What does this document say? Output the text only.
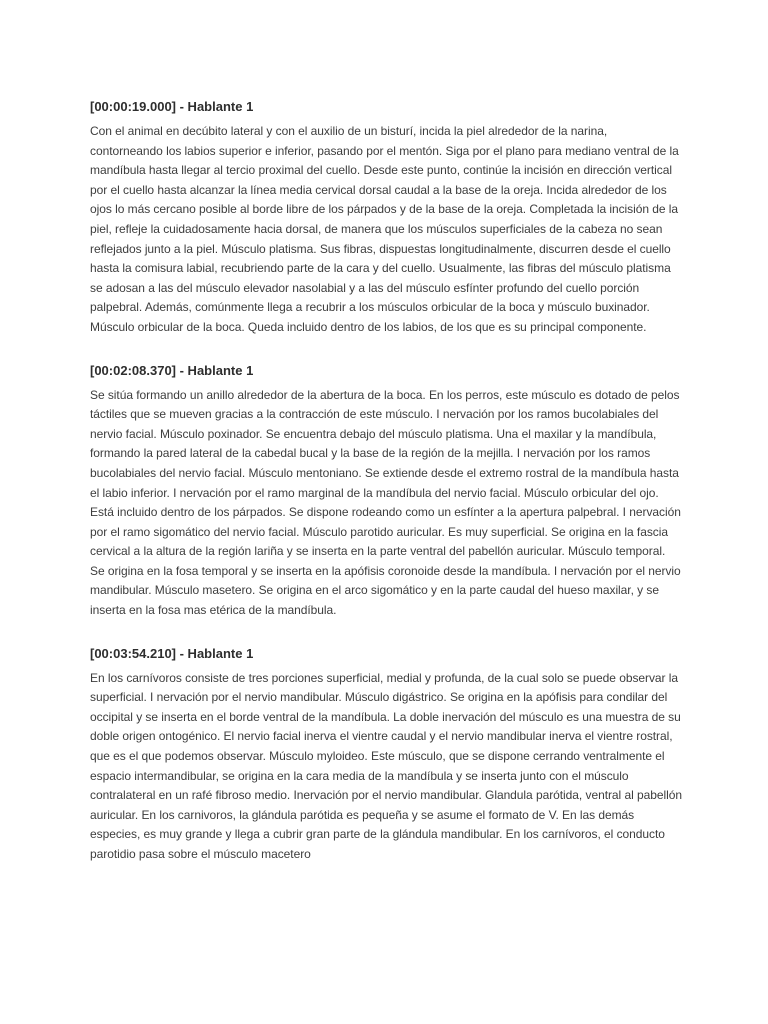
[00:00:19.000] - Hablante 1

Con el animal en decúbito lateral y con el auxilio de un bisturí, incida la piel alrededor de la narina, contorneando los labios superior e inferior, pasando por el mentón. Siga por el plano para mediano ventral de la mandíbula hasta llegar al tercio proximal del cuello. Desde este punto, continúe la incisión en dirección vertical por el cuello hasta alcanzar la línea media cervical dorsal caudal a la base de la oreja. Incida alrededor de los ojos lo más cercano posible al borde libre de los párpados y de la base de la oreja. Completada la incisión de la piel, refleje la cuidadosamente hacia dorsal, de manera que los músculos superficiales de la cabeza no sean reflejados junto a la piel. Músculo platisma. Sus fibras, dispuestas longitudinalmente, discurren desde el cuello hasta la comisura labial, recubriendo parte de la cara y del cuello. Usualmente, las fibras del músculo platisma se adosan a las del músculo elevador nasolabial y a las del músculo esfínter profundo del cuello porción palpebral. Además, comúnmente llega a recubrir a los músculos orbicular de la boca y músculo buxinador. Músculo orbicular de la boca. Queda incluido dentro de los labios, de los que es su principal componente.

[00:02:08.370] - Hablante 1

Se sitúa formando un anillo alrededor de la abertura de la boca. En los perros, este músculo es dotado de pelos táctiles que se mueven gracias a la contracción de este músculo. I nervación por los ramos bucolabiales del nervio facial. Músculo poxinador. Se encuentra debajo del músculo platisma. Una el maxilar y la mandíbula, formando la pared lateral de la cabedal bucal y la base de la región de la mejilla. I nervación por los ramos bucolabiales del nervio facial. Músculo mentoniano. Se extiende desde el extremo rostral de la mandíbula hasta el labio inferior. I nervación por el ramo marginal de la mandíbula del nervio facial. Músculo orbicular del ojo. Está incluido dentro de los párpados. Se dispone rodeando como un esfínter a la apertura palpebral. I nervación por el ramo sigomático del nervio facial. Músculo parotido auricular. Es muy superficial. Se origina en la fascia cervical a la altura de la región lariña y se inserta en la parte ventral del pabellón auricular. Músculo temporal. Se origina en la fosa temporal y se inserta en la apófisis coronoide desde la mandíbula. I nervación por el nervio mandibular. Músculo masetero. Se origina en el arco sigomático y en la parte caudal del hueso maxilar, y se inserta en la fosa mas etérica de la mandíbula.

[00:03:54.210] - Hablante 1

En los carnívoros consiste de tres porciones superficial, medial y profunda, de la cual solo se puede observar la superficial. I nervación por el nervio mandibular. Músculo digástrico. Se origina en la apófisis para condilar del occipital y se inserta en el borde ventral de la mandíbula. La doble inervación del músculo es una muestra de su doble origen ontogénico. El nervio facial inerva el vientre caudal y el nervio mandibular inerva el vientre rostral, que es el que podemos observar. Músculo myloideo. Este músculo, que se dispone cerrando ventralmente el espacio intermandibular, se origina en la cara media de la mandíbula y se inserta junto con el músculo contralateral en un rafé fibroso medio. Inervación por el nervio mandibular. Glandula parótida, ventral al pabellón auricular. En los carnivoros, la glándula parótida es pequeña y se asume el formato de V. En las demás especies, es muy grande y llega a cubrir gran parte de la glándula mandibular. En los carnívoros, el conducto parotidio pasa sobre el músculo macetero
